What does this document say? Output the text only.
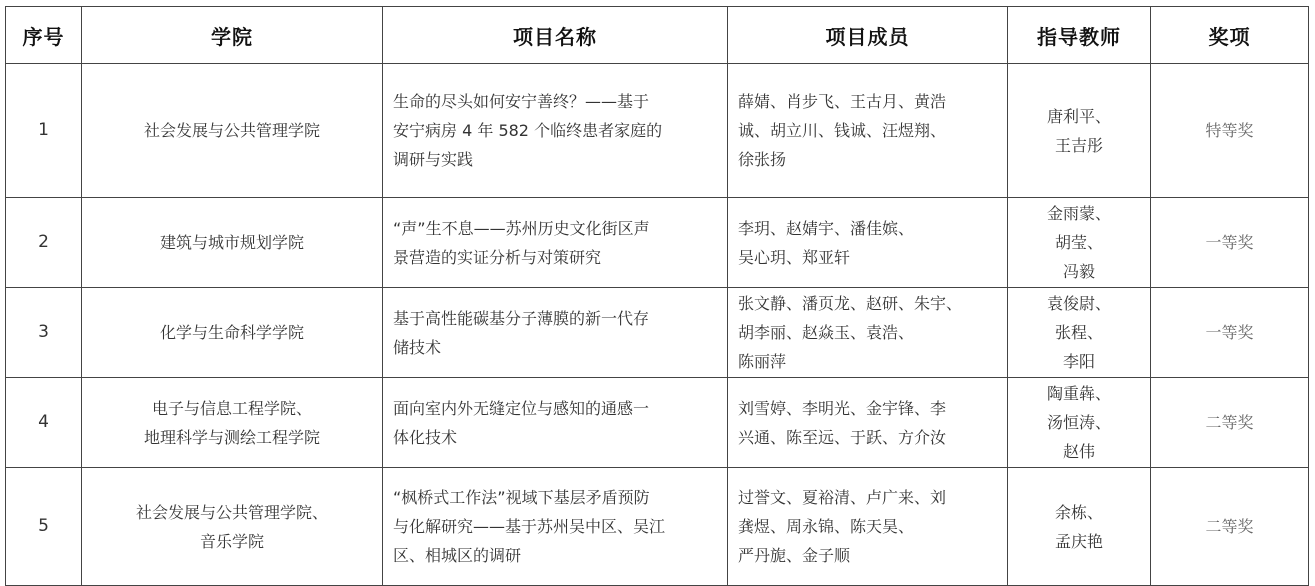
序号	学院	项目名称	项目成员	指导教师	奖项
1	社会发展与公共管理学院	生命的尽头如何安宁善终？——基于
安宁病房 4 年 582 个临终患者家庭的
调研与实践	薛婧、肖步飞、王古月、黄浩
诚、胡立川、钱诚、汪煜翔、
徐张扬	唐利平、
王吉彤	特等奖
2	建筑与城市规划学院	“声”生不息——苏州历史文化街区声
景营造的实证分析与对策研究	李玥、赵婧宇、潘佳嫔、
吴心玥、郑亚轩	金雨蒙、
胡莹、
冯毅	一等奖
3	化学与生命科学学院	基于高性能碳基分子薄膜的新一代存
储技术	张文静、潘页龙、赵研、朱宇、
胡李丽、赵焱玉、袁浩、
陈丽萍	袁俊尉、
张程、
李阳	一等奖
4	电子与信息工程学院、
地理科学与测绘工程学院	面向室内外无缝定位与感知的通感一
体化技术	刘雪婷、李明光、金宇锋、李
兴通、陈至远、于跃、方介汝	陶重犇、
汤恒涛、
赵伟	二等奖
5	社会发展与公共管理学院、
音乐学院	“枫桥式工作法”视域下基层矛盾预防
与化解研究——基于苏州吴中区、吴江
区、相城区的调研	过誉文、夏裕清、卢广来、刘
龚煜、周永锦、陈天昊、
严丹旎、金子顺	余栋、
孟庆艳	二等奖
